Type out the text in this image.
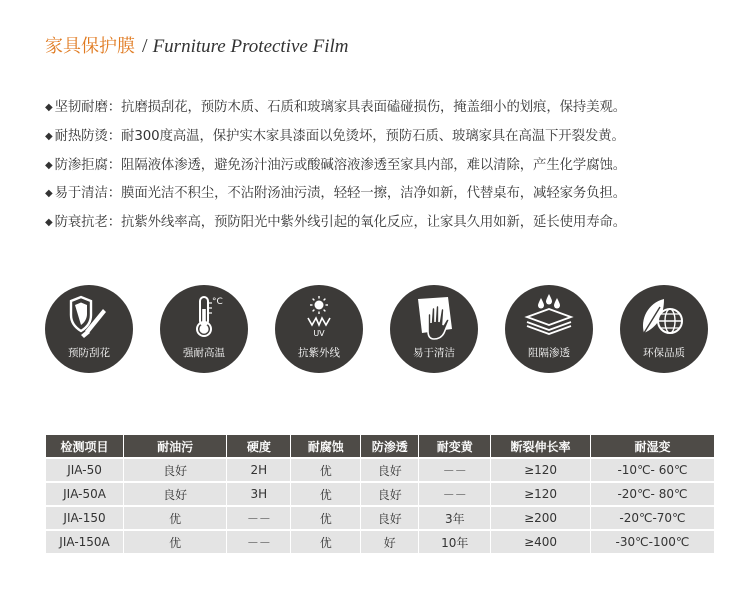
家具保护膜 / Furniture Protective Film
◆ 坚韧耐磨：抗磨损刮花，预防木质、石质和玻璃家具表面磕碰损伤，掩盖细小的划痕，保持美观。
◆ 耐热防烫：耐300度高温，保护实木家具漆面以免烫坏，预防石质、玻璃家具在高温下开裂发黄。
◆ 防渗拒腐：阻隔液体渗透，避免汤汁油污或酸碱溶液渗透至家具内部，难以清除，产生化学腐蚀。
◆ 易于清洁：膜面光洁不积尘，不沾附汤油污渍，轻轻一擦，洁净如新，代替桌布，减轻家务负担。
◆ 防衰抗老：抗紫外线率高，预防阳光中紫外线引起的氧化反应，让家具久用如新，延长使用寿命。
预防刮花
°C
强耐高温
UV
抗紫外线	易于清洁	阻隔渗透	环保品质
检测项目	耐油污	硬度	耐腐蚀	防渗透	耐变黄	断裂伸长率	耐湿变
JIA-50	良好	2H	优	良好	－－	≥120	-10℃- 60℃
JIA-50A	良好	3H	优	良好	－－	≥120	-20℃- 80℃
JIA-150	优	－－	优	良好	3年	≥200	-20℃-70℃
JIA-150A	优	－－	优	好	10年	≥400	-30℃-100℃
